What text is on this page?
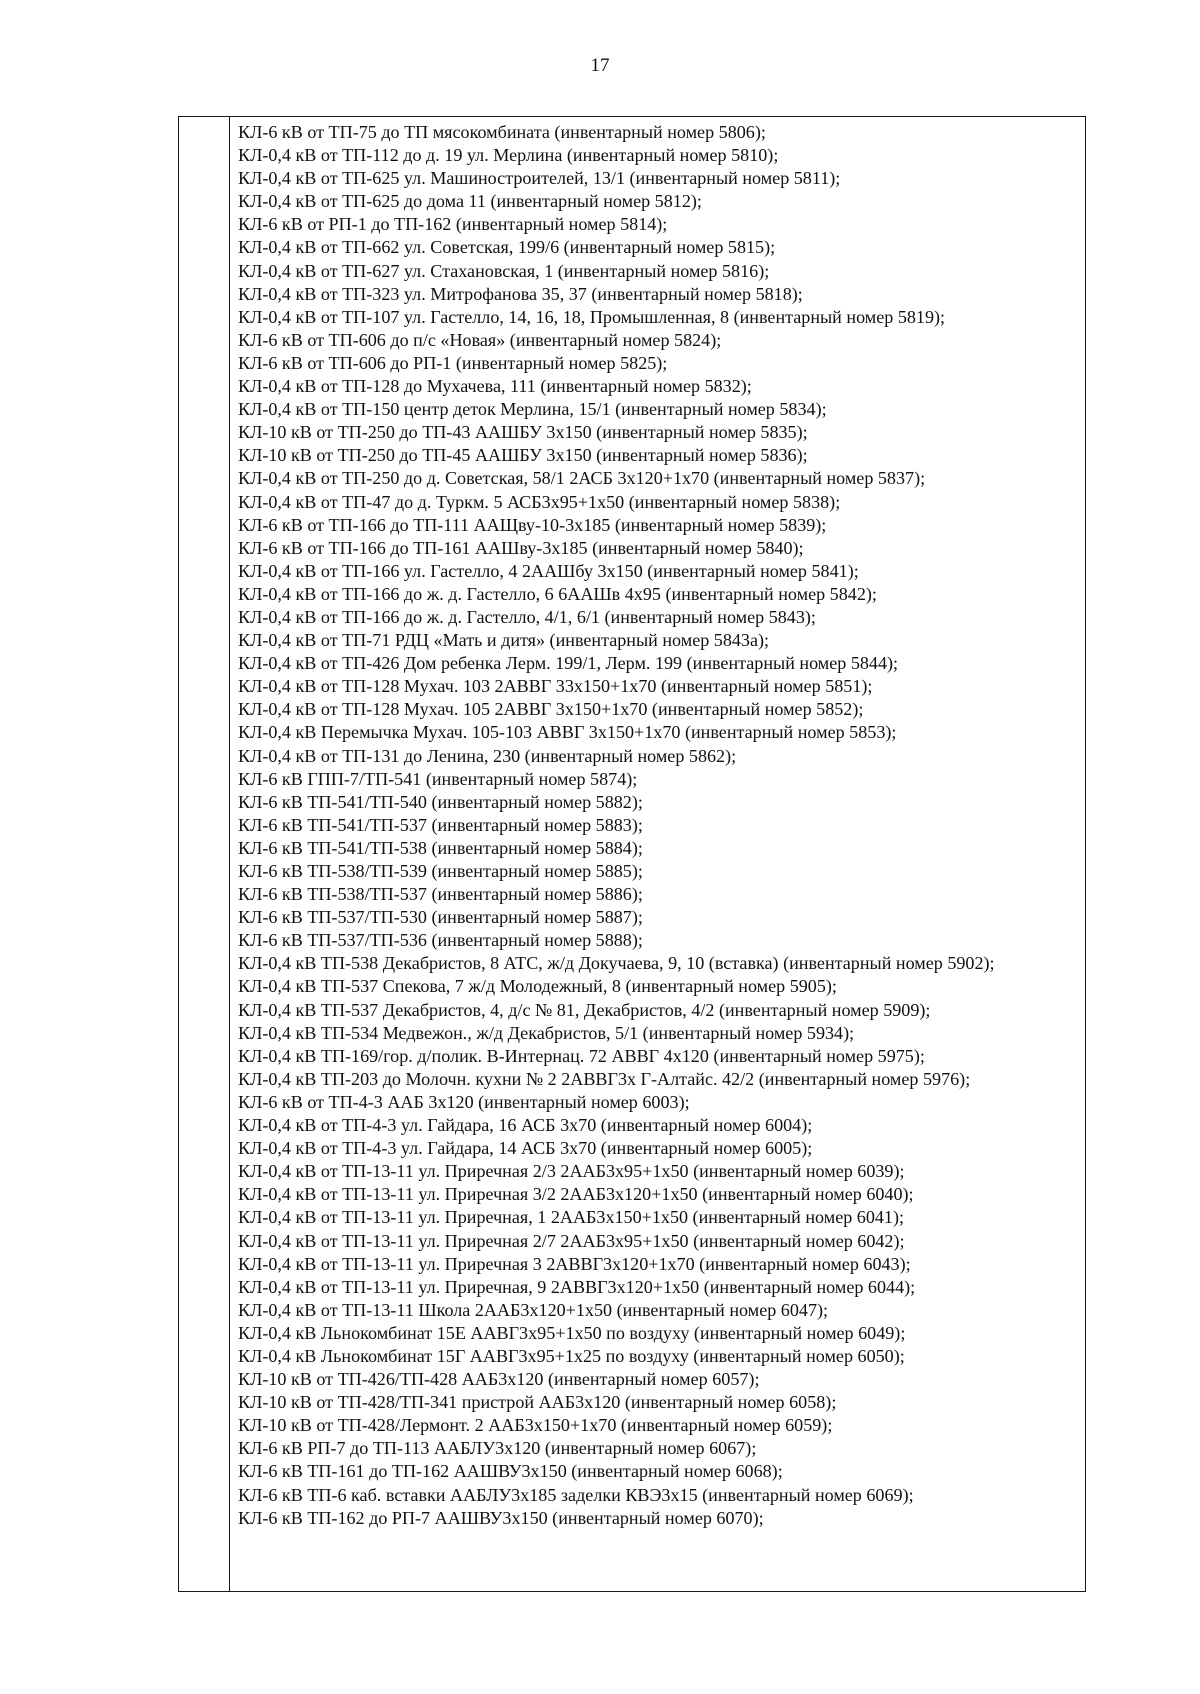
17
КЛ-6 кВ от ТП-75 до ТП мясокомбината (инвентарный номер 5806);
КЛ-0,4 кВ от ТП-112 до д. 19 ул. Мерлина (инвентарный номер 5810);
КЛ-0,4 кВ от ТП-625 ул. Машиностроителей, 13/1 (инвентарный номер 5811);
КЛ-0,4 кВ от ТП-625 до дома 11 (инвентарный номер 5812);
КЛ-6 кВ от РП-1 до ТП-162 (инвентарный номер 5814);
КЛ-0,4 кВ от ТП-662 ул. Советская, 199/6 (инвентарный номер 5815);
КЛ-0,4 кВ от ТП-627 ул. Стахановская, 1 (инвентарный номер 5816);
КЛ-0,4 кВ от ТП-323 ул. Митрофанова 35, 37 (инвентарный номер 5818);
КЛ-0,4 кВ от ТП-107 ул. Гастелло, 14, 16, 18, Промышленная, 8 (инвентарный номер 5819);
КЛ-6 кВ от ТП-606 до п/с «Новая» (инвентарный номер 5824);
КЛ-6 кВ от ТП-606 до РП-1 (инвентарный номер 5825);
КЛ-0,4 кВ от ТП-128 до Мухачева, 111 (инвентарный номер 5832);
КЛ-0,4 кВ от ТП-150 центр деток Мерлина, 15/1 (инвентарный номер 5834);
КЛ-10 кВ от ТП-250 до ТП-43 ААШБУ 3х150 (инвентарный номер 5835);
КЛ-10 кВ от ТП-250 до ТП-45 ААШБУ 3х150 (инвентарный номер 5836);
КЛ-0,4 кВ от ТП-250 до д. Советская, 58/1 2АСБ 3х120+1х70 (инвентарный номер 5837);
КЛ-0,4 кВ от ТП-47 до д. Туркм. 5 АСБ3х95+1х50 (инвентарный номер 5838);
КЛ-6 кВ от ТП-166 до ТП-111 ААЩву-10-3х185 (инвентарный номер 5839);
КЛ-6 кВ от ТП-166 до ТП-161 ААШву-3х185 (инвентарный номер 5840);
КЛ-0,4 кВ от ТП-166 ул. Гастелло, 4 2ААШбу 3х150 (инвентарный номер 5841);
КЛ-0,4 кВ от ТП-166 до ж. д. Гастелло, 6 6ААШв 4х95 (инвентарный номер 5842);
КЛ-0,4 кВ от ТП-166 до ж. д. Гастелло, 4/1, 6/1 (инвентарный номер 5843);
КЛ-0,4 кВ от ТП-71 РДЦ «Мать и дитя» (инвентарный номер 5843а);
КЛ-0,4 кВ от ТП-426 Дом ребенка Лерм. 199/1, Лерм. 199 (инвентарный номер 5844);
КЛ-0,4 кВ от ТП-128 Мухач. 103 2АВВГ 33х150+1х70 (инвентарный номер 5851);
КЛ-0,4 кВ от ТП-128 Мухач. 105 2АВВГ 3х150+1х70 (инвентарный номер 5852);
КЛ-0,4 кВ Перемычка Мухач. 105-103 АВВГ 3х150+1х70 (инвентарный номер 5853);
КЛ-0,4 кВ от ТП-131 до Ленина, 230 (инвентарный номер 5862);
КЛ-6 кВ ГПП-7/ТП-541 (инвентарный номер 5874);
КЛ-6 кВ ТП-541/ТП-540 (инвентарный номер 5882);
КЛ-6 кВ ТП-541/ТП-537 (инвентарный номер 5883);
КЛ-6 кВ ТП-541/ТП-538 (инвентарный номер 5884);
КЛ-6 кВ ТП-538/ТП-539 (инвентарный номер 5885);
КЛ-6 кВ ТП-538/ТП-537 (инвентарный номер 5886);
КЛ-6 кВ ТП-537/ТП-530 (инвентарный номер 5887);
КЛ-6 кВ ТП-537/ТП-536 (инвентарный номер 5888);
КЛ-0,4 кВ ТП-538 Декабристов, 8 АТС, ж/д Докучаева, 9, 10 (вставка) (инвентарный номер 5902);
КЛ-0,4 кВ ТП-537 Спекова, 7 ж/д Молодежный, 8 (инвентарный номер 5905);
КЛ-0,4 кВ ТП-537 Декабристов, 4, д/с № 81, Декабристов, 4/2 (инвентарный номер 5909);
КЛ-0,4 кВ ТП-534 Медвежон., ж/д Декабристов, 5/1 (инвентарный номер 5934);
КЛ-0,4 кВ ТП-169/гор. д/полик. В-Интернац. 72 АВВГ 4х120 (инвентарный номер 5975);
КЛ-0,4 кВ ТП-203 до Молочн. кухни № 2 2АВВГ3х Г-Алтайс. 42/2 (инвентарный номер 5976);
КЛ-6 кВ от ТП-4-3 ААБ 3х120 (инвентарный номер 6003);
КЛ-0,4 кВ от ТП-4-3 ул. Гайдара, 16 АСБ 3х70 (инвентарный номер 6004);
КЛ-0,4 кВ от ТП-4-3 ул. Гайдара, 14 АСБ 3х70 (инвентарный номер 6005);
КЛ-0,4 кВ от ТП-13-11 ул. Приречная 2/3 2ААБ3х95+1х50 (инвентарный номер 6039);
КЛ-0,4 кВ от ТП-13-11 ул. Приречная 3/2 2ААБ3х120+1х50 (инвентарный номер 6040);
КЛ-0,4 кВ от ТП-13-11 ул. Приречная, 1 2ААБ3х150+1х50 (инвентарный номер 6041);
КЛ-0,4 кВ от ТП-13-11 ул. Приречная 2/7 2ААБ3х95+1х50 (инвентарный номер 6042);
КЛ-0,4 кВ от ТП-13-11 ул. Приречная 3 2АВВГ3х120+1х70 (инвентарный номер 6043);
КЛ-0,4 кВ от ТП-13-11 ул. Приречная, 9 2АВВГ3х120+1х50 (инвентарный номер 6044);
КЛ-0,4 кВ от ТП-13-11 Школа 2ААБ3х120+1х50 (инвентарный номер 6047);
КЛ-0,4 кВ Льнокомбинат 15Е ААВГ3х95+1х50 по воздуху (инвентарный номер 6049);
КЛ-0,4 кВ Льнокомбинат 15Г ААВГ3х95+1х25 по воздуху (инвентарный номер 6050);
КЛ-10 кВ от ТП-426/ТП-428 ААБ3х120 (инвентарный номер 6057);
КЛ-10 кВ от ТП-428/ТП-341 пристрой ААБ3х120 (инвентарный номер 6058);
КЛ-10 кВ от ТП-428/Лермонт. 2 ААБ3х150+1х70 (инвентарный номер 6059);
КЛ-6 кВ РП-7 до ТП-113 ААБЛУ3х120 (инвентарный номер 6067);
КЛ-6 кВ ТП-161 до ТП-162 ААШВУ3х150 (инвентарный номер 6068);
КЛ-6 кВ ТП-6 каб. вставки ААБЛУ3х185 заделки КВЭ3х15 (инвентарный номер 6069);
КЛ-6 кВ ТП-162 до РП-7 ААШВУ3х150 (инвентарный номер 6070);
